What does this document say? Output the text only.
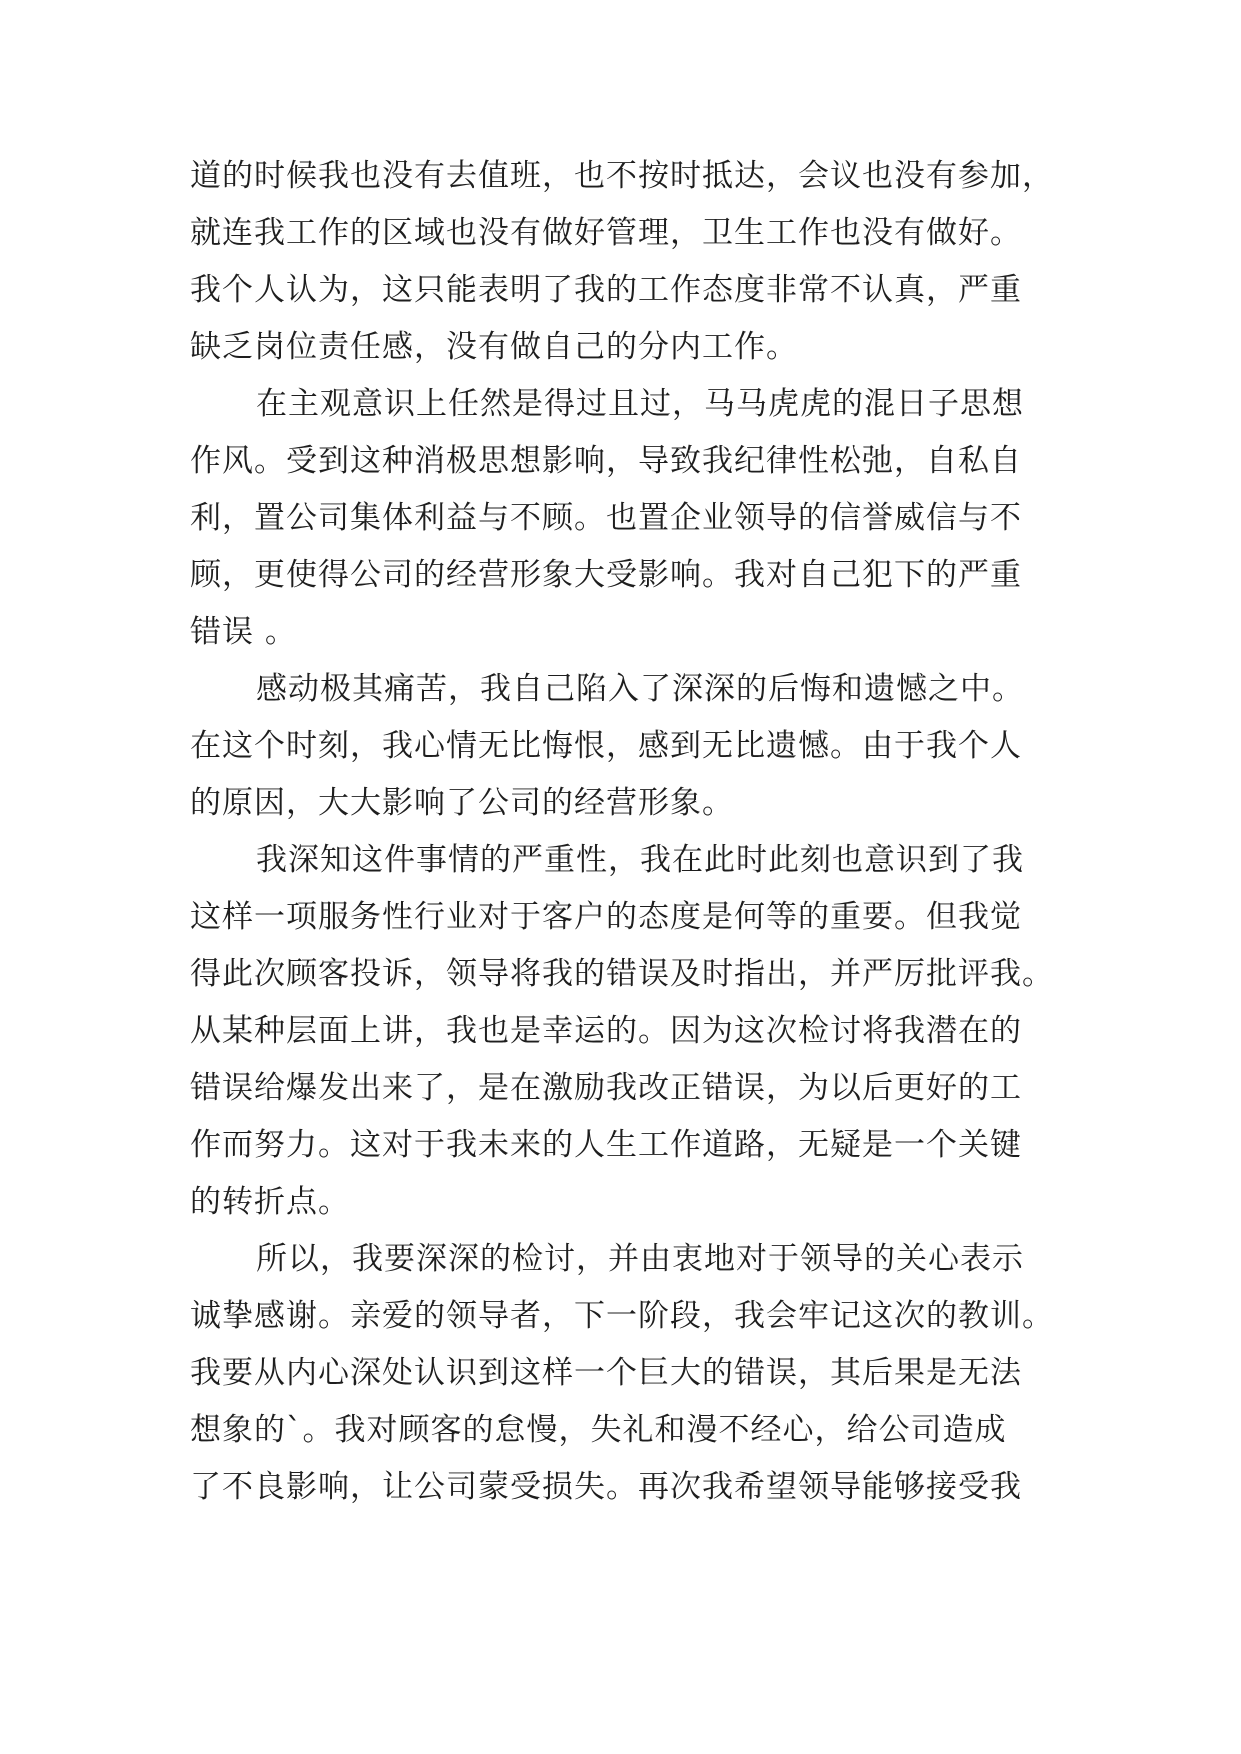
道的时候我也没有去值班，也不按时抵达，会议也没有参加，
就连我工作的区域也没有做好管理，卫生工作也没有做好。
我个人认为，这只能表明了我的工作态度非常不认真，严重
缺乏岗位责任感，没有做自己的分内工作。
在主观意识上任然是得过且过，马马虎虎的混日子思想
作风。受到这种消极思想影响，导致我纪律性松弛，自私自
利，置公司集体利益与不顾。也置企业领导的信誉威信与不
顾，更使得公司的经营形象大受影响。我对自己犯下的严重
错误 。
感动极其痛苦，我自己陷入了深深的后悔和遗憾之中。
在这个时刻，我心情无比悔恨，感到无比遗憾。由于我个人
的原因，大大影响了公司的经营形象。
我深知这件事情的严重性，我在此时此刻也意识到了我
这样一项服务性行业对于客户的态度是何等的重要。但我觉
得此次顾客投诉，领导将我的错误及时指出，并严厉批评我。
从某种层面上讲，我也是幸运的。因为这次检讨将我潜在的
错误给爆发出来了，是在激励我改正错误，为以后更好的工
作而努力。这对于我未来的人生工作道路，无疑是一个关键
的转折点。
所以，我要深深的检讨，并由衷地对于领导的关心表示
诚挚感谢。亲爱的领导者，下一阶段，我会牢记这次的教训。
我要从内心深处认识到这样一个巨大的错误，其后果是无法
想象的`。我对顾客的怠慢，失礼和漫不经心，给公司造成
了不良影响，让公司蒙受损失。再次我希望领导能够接受我
